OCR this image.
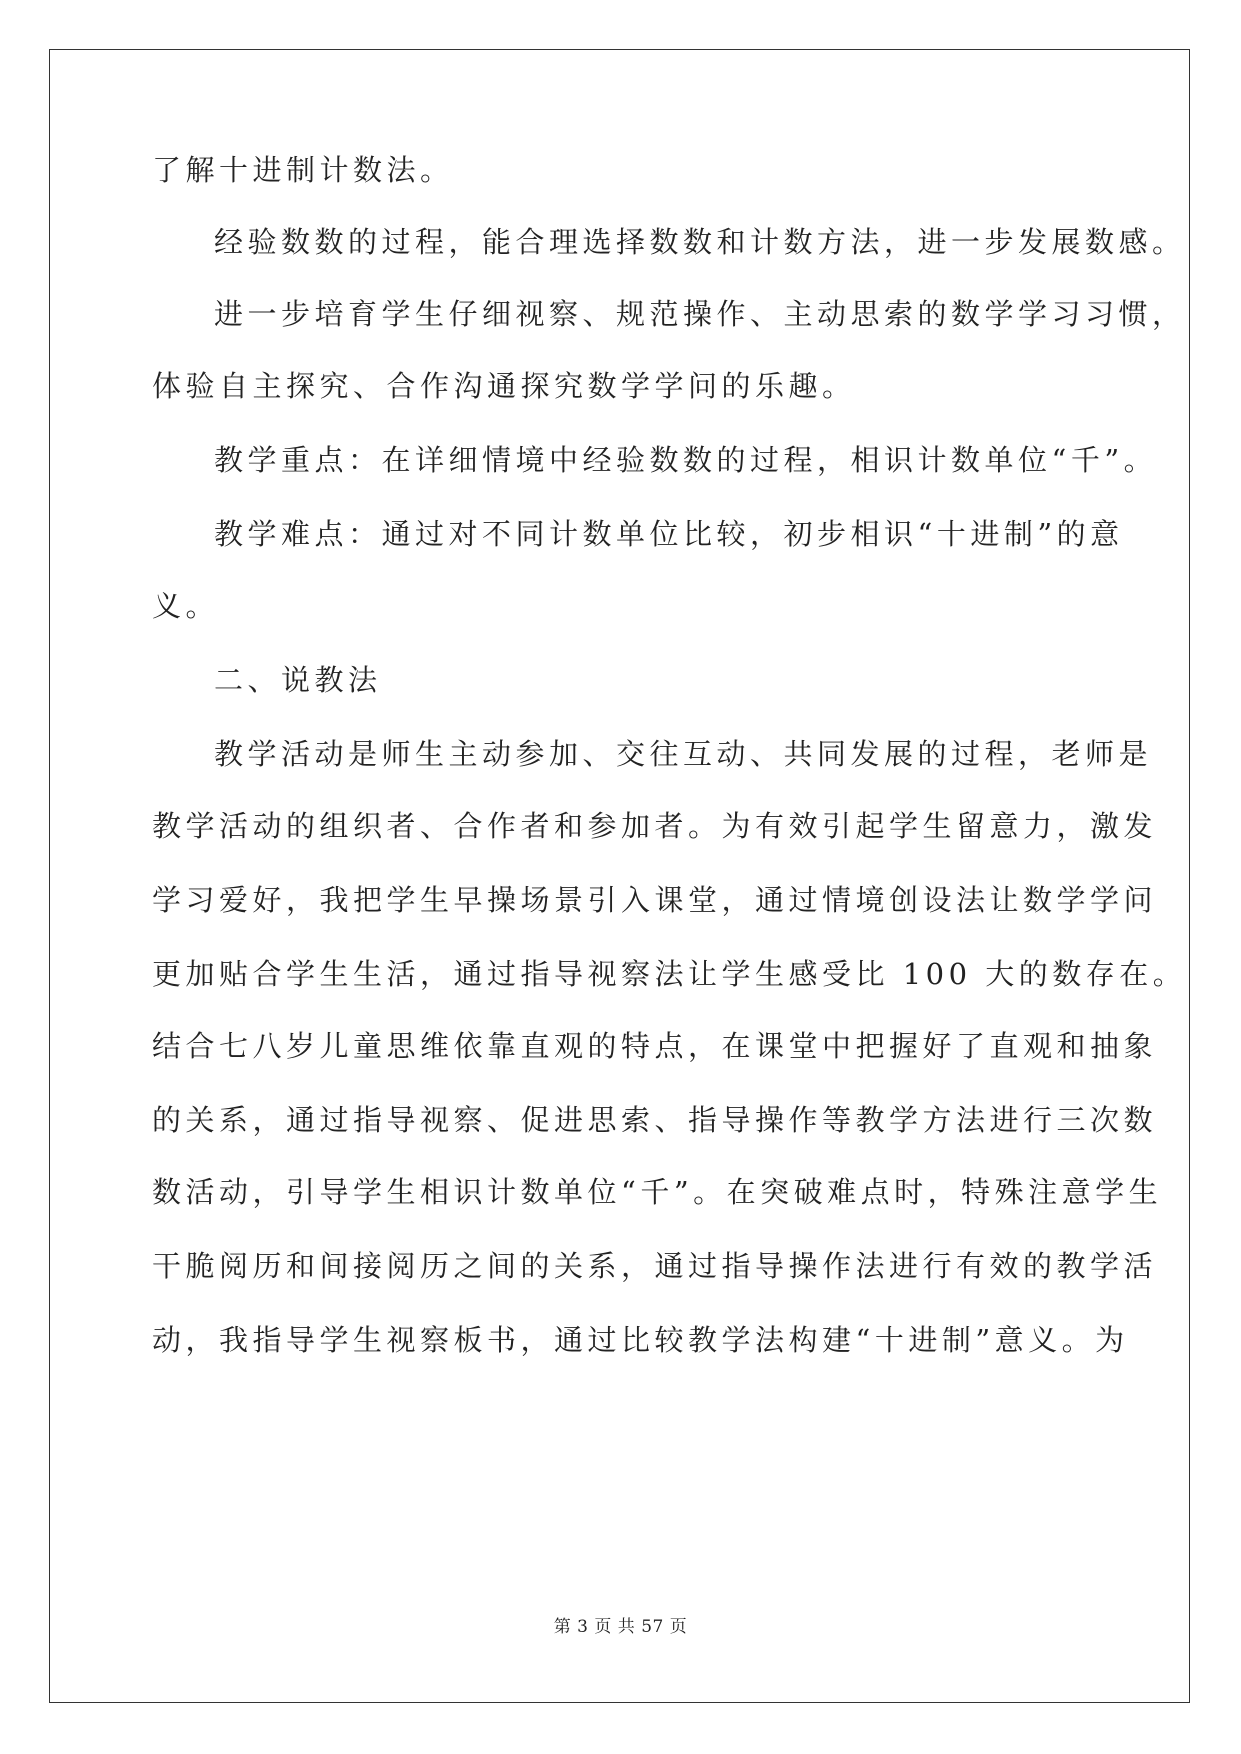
了解十进制计数法。
经验数数的过程，能合理选择数数和计数方法，进一步发展数感。
进一步培育学生仔细视察、规范操作、主动思索的数学学习习惯，
体验自主探究、合作沟通探究数学学问的乐趣。
教学重点：在详细情境中经验数数的过程，相识计数单位“千”。
教学难点：通过对不同计数单位比较，初步相识“十进制”的意
义。
二、说教法
教学活动是师生主动参加、交往互动、共同发展的过程，老师是
教学活动的组织者、合作者和参加者。为有效引起学生留意力，激发
学习爱好，我把学生早操场景引入课堂，通过情境创设法让数学学问
更加贴合学生生活，通过指导视察法让学生感受比 100 大的数存在。
结合七八岁儿童思维依靠直观的特点，在课堂中把握好了直观和抽象
的关系，通过指导视察、促进思索、指导操作等教学方法进行三次数
数活动，引导学生相识计数单位“千”。在突破难点时，特殊注意学生
干脆阅历和间接阅历之间的关系，通过指导操作法进行有效的教学活
动，我指导学生视察板书，通过比较教学法构建“十进制”意义。为
第 3 页 共 57 页
